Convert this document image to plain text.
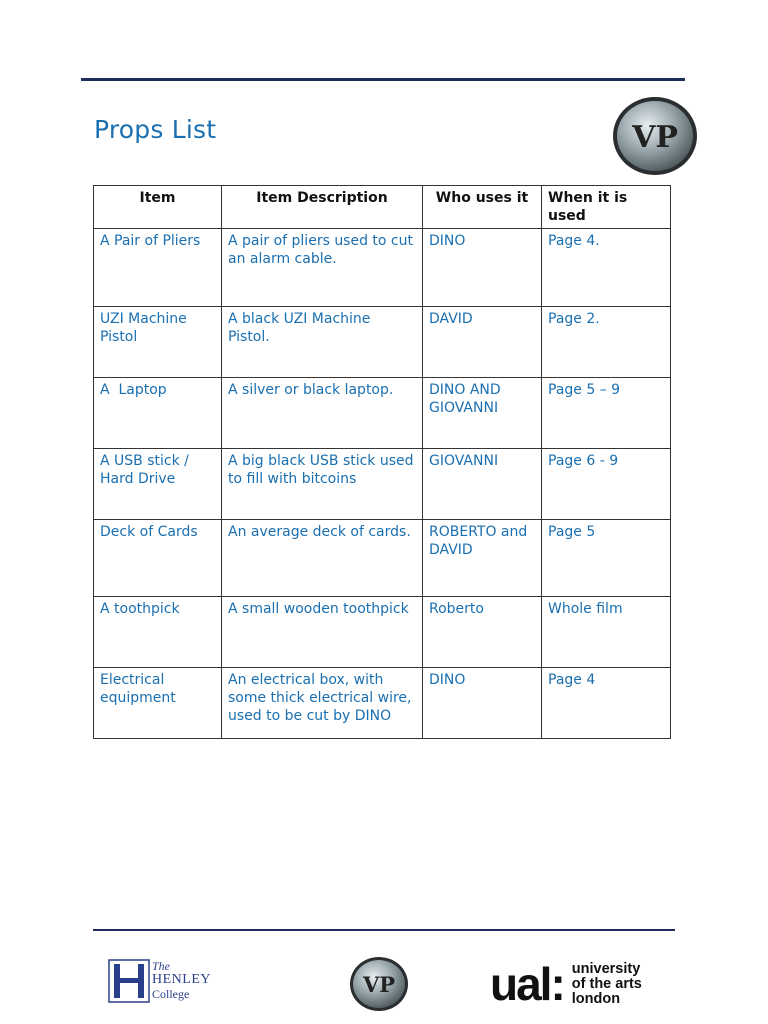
Props List	VP
Item	Item Description	Who uses it	When it is used
A Pair of Pliers	A pair of pliers used to cut an alarm cable.	DINO	Page 4.
UZI Machine Pistol	A black UZI Machine Pistol.	DAVID	Page 2.
A  Laptop	A silver or black laptop.	DINO AND GIOVANNI	Page 5 – 9
A USB stick / Hard Drive	A big black USB stick used to fill with bitcoins	GIOVANNI	Page 6 - 9
Deck of Cards	An average deck of cards.	ROBERTO and DAVID	Page 5
A toothpick	A small wooden toothpick	Roberto	Whole film
Electrical equipment	An electrical box, with some thick electrical wire, used to be cut by DINO	DINO	Page 4
The
HENLEY
College	VP ual: university
of the arts
london
